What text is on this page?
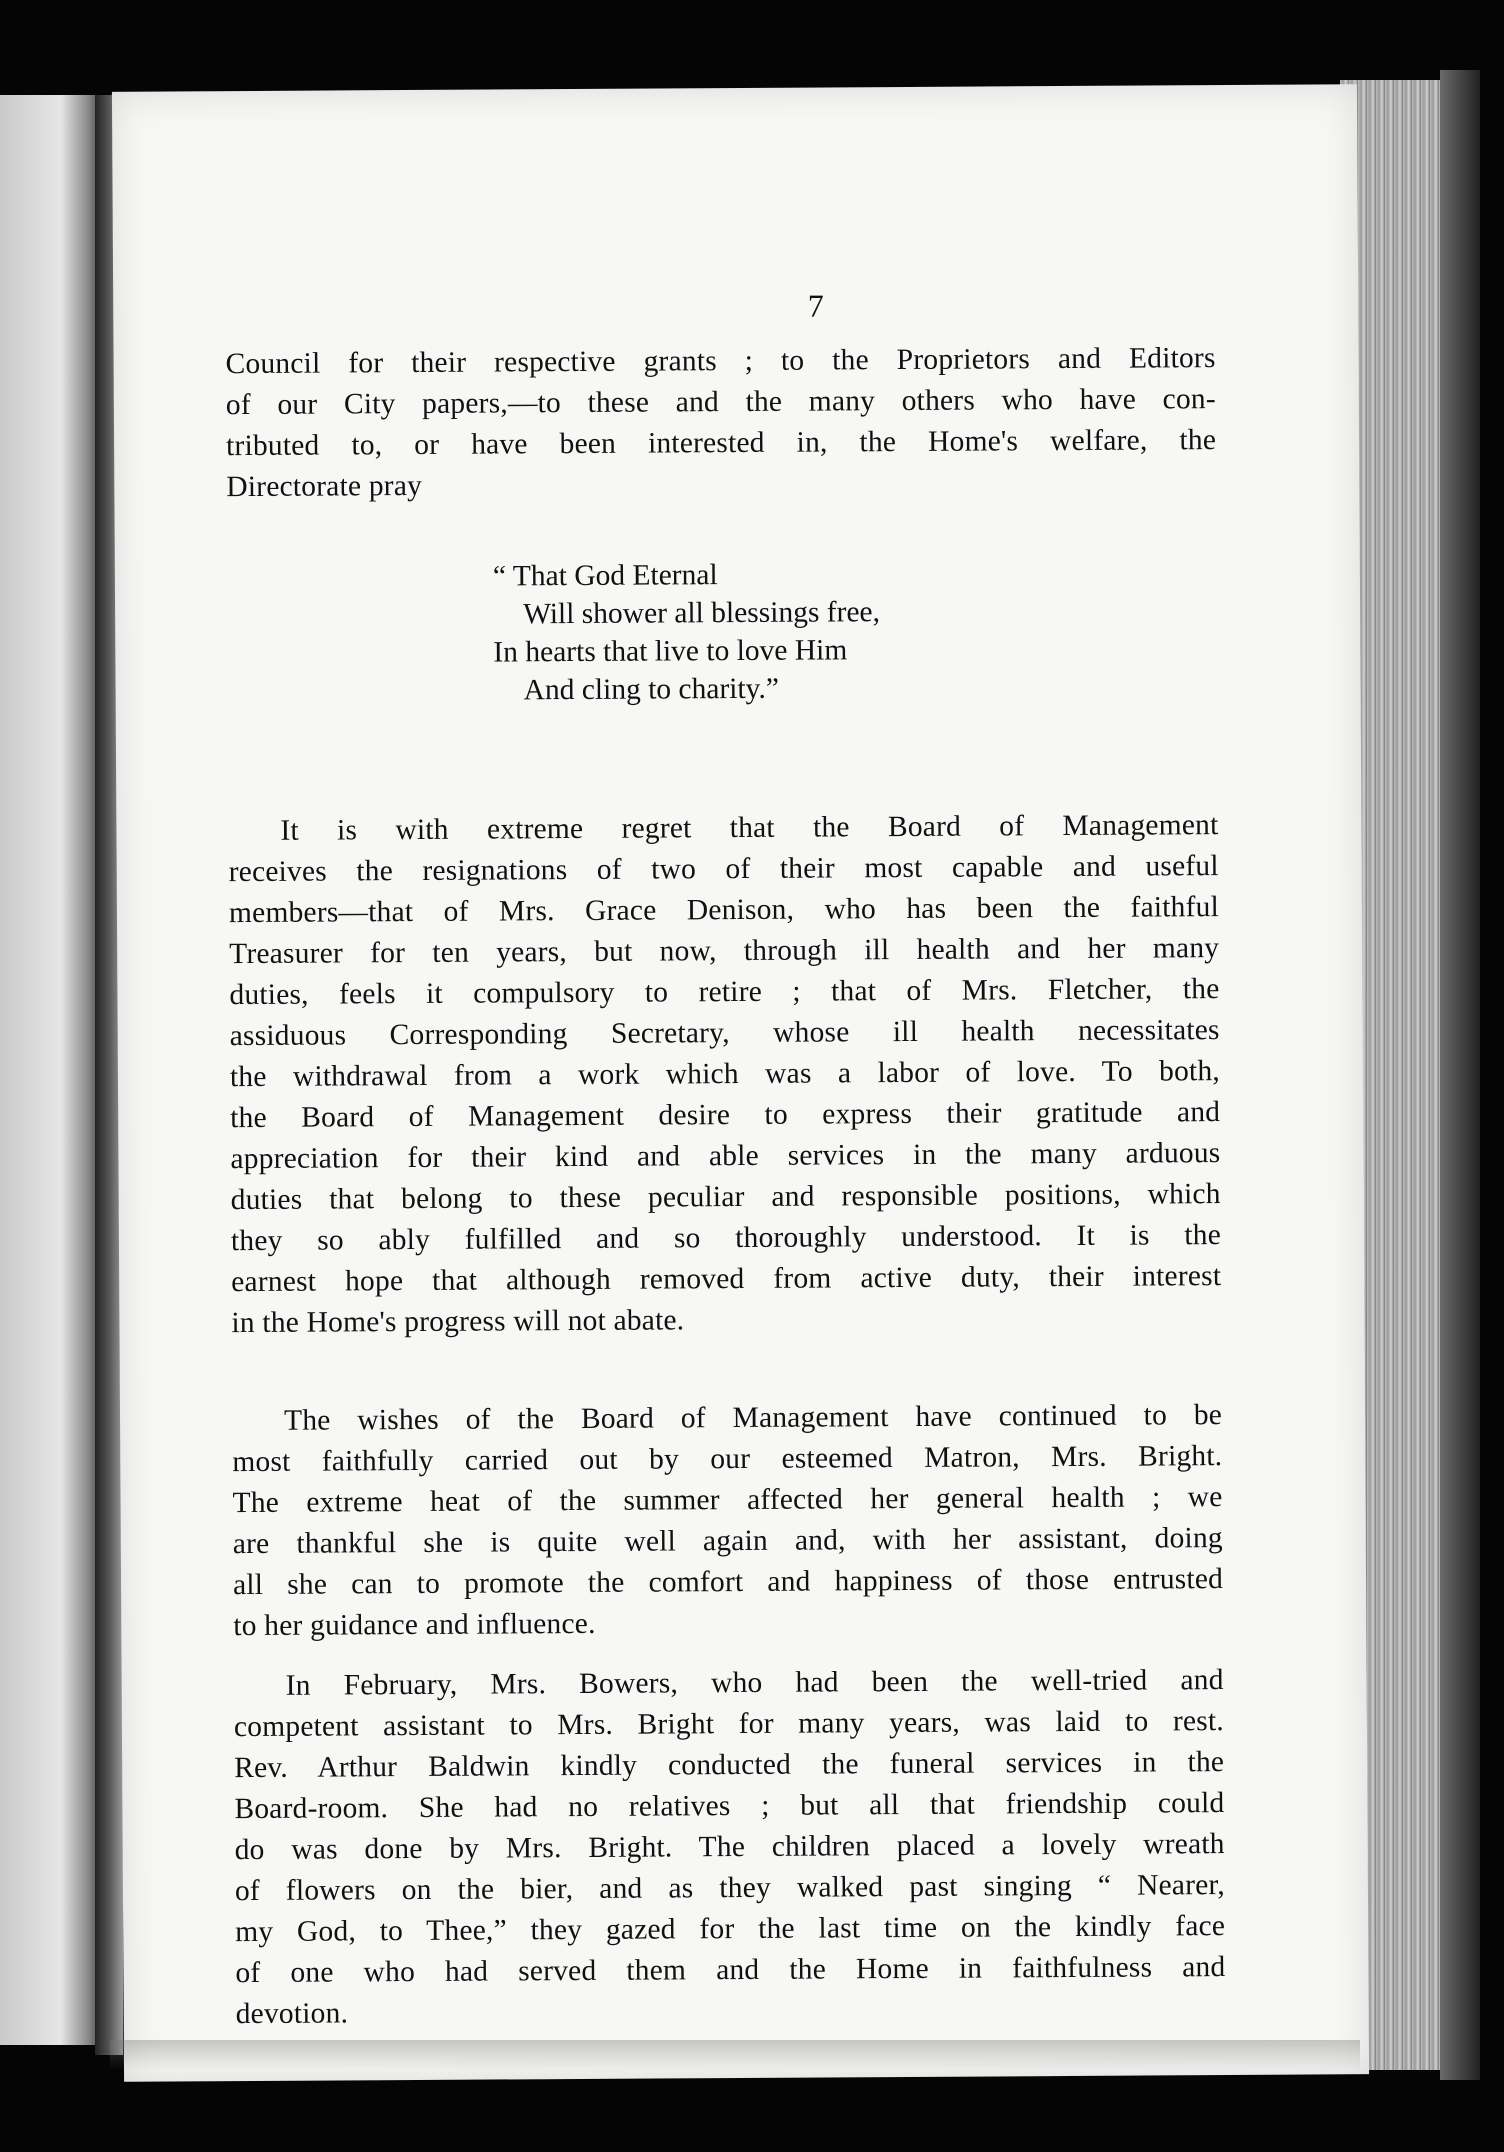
7
Council for their respective grants ; to the Proprietors and Editors
of our City papers,—to these and the many others who have con-
tributed to, or have been interested in, the Home's welfare, the
Directorate pray
“ That God Eternal
Will shower all blessings free,
In hearts that live to love Him
And cling to charity.”
It is with extreme regret that the Board of Management
receives the resignations of two of their most capable and useful
members—that of Mrs. Grace Denison, who has been the faithful
Treasurer for ten years, but now, through ill health and her many
duties, feels it compulsory to retire ; that of Mrs. Fletcher, the
assiduous Corresponding Secretary, whose ill health necessitates
the withdrawal from a work which was a labor of love. To both,
the Board of Management desire to express their gratitude and
appreciation for their kind and able services in the many arduous
duties that belong to these peculiar and responsible positions, which
they so ably fulfilled and so thoroughly understood. It is the
earnest hope that although removed from active duty, their interest
in the Home's progress will not abate.
The wishes of the Board of Management have continued to be
most faithfully carried out by our esteemed Matron, Mrs. Bright.
The extreme heat of the summer affected her general health ; we
are thankful she is quite well again and, with her assistant, doing
all she can to promote the comfort and happiness of those entrusted
to her guidance and influence.
In February, Mrs. Bowers, who had been the well-tried and
competent assistant to Mrs. Bright for many years, was laid to rest.
Rev. Arthur Baldwin kindly conducted the funeral services in the
Board-room. She had no relatives ; but all that friendship could
do was done by Mrs. Bright. The children placed a lovely wreath
of flowers on the bier, and as they walked past singing “ Nearer,
my God, to Thee,” they gazed for the last time on the kindly face
of one who had served them and the Home in faithfulness and
devotion.
